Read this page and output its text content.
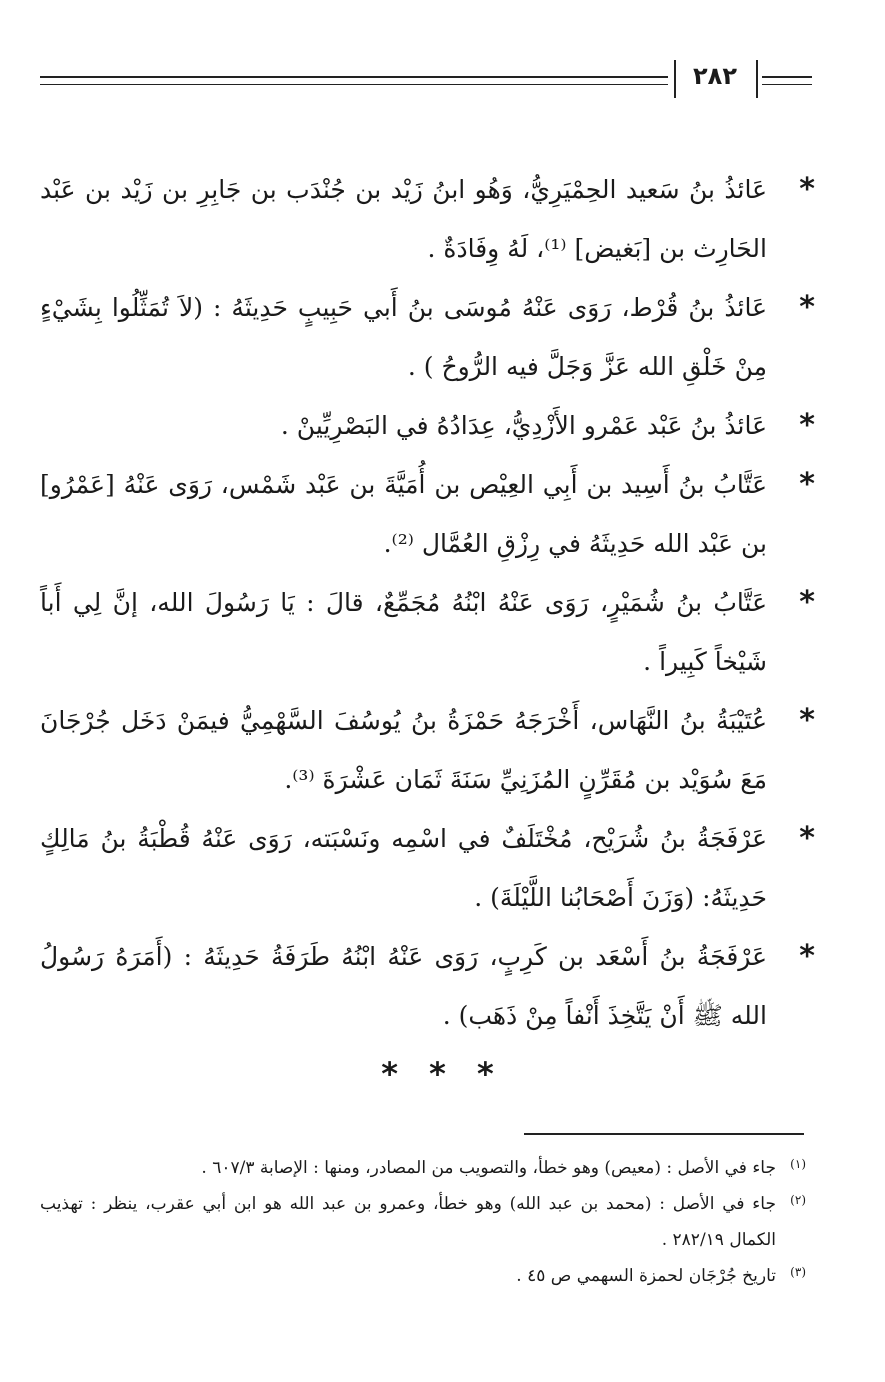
٢٨٢

*
عَائذُ بنُ سَعيد الحِمْيَرِيُّ، وَهُو ابنُ زَيْد بن جُنْدَب بن جَابِرِ بن زَيْد بن عَبْد الحَارِث بن [بَغيض] ⁽¹⁾، لَهُ وِفَادَةٌ .

*
عَائذُ بنُ قُرْط، رَوَى عَنْهُ مُوسَى بنُ أَبي حَبِيبٍ حَدِيثَهُ : (لاَ تُمَثِّلُوا بِشَيْءٍ مِنْ خَلْقِ الله عَزَّ وَجَلَّ فيه الرُّوحُ ) .

*
عَائذُ بنُ عَبْد عَمْرو الأَزْدِيُّ، عِدَادُهُ في البَصْرِيِّينْ .

*
عَتَّابُ بنُ أَسِيد بن أَبِي العِيْص بن أُمَيَّةَ بن عَبْد شَمْس، رَوَى عَنْهُ [عَمْرُو] بن عَبْد الله حَدِيثَهُ في رِزْقِ العُمَّال ⁽²⁾.

*
عَتَّابُ بنُ شُمَيْرٍ، رَوَى عَنْهُ ابْنُهُ مُجَمِّعٌ، قالَ : يَا رَسُولَ الله، إنَّ لِي أَباً شَيْخاً كَبِيراً .

*
عُتَيْبَةُ بنُ النَّهَاس، أَخْرَجَهُ حَمْزَةُ بنُ يُوسُفَ السَّهْمِيُّ فيمَنْ دَخَل جُرْجَانَ مَعَ سُوَيْد بن مُقَرِّنٍ المُزَنِيِّ سَنَةَ ثَمَان عَشْرَةَ ⁽³⁾.

*
عَرْفَجَةُ بنُ شُرَيْح، مُخْتَلَفٌ في اسْمِه ونَسْبَته، رَوَى عَنْهُ قُطْبَةُ بنُ مَالِكٍ حَدِيثَهُ: (وَزَنَ أَصْحَابُنا اللَّيْلَةَ) .

*
عَرْفَجَةُ بنُ أَسْعَد بن كَرِبٍ، رَوَى عَنْهُ ابْنُهُ طَرَفَةُ حَدِيثَهُ : (أَمَرَهُ رَسُولُ الله ﷺ أَنْ يَتَّخِذَ أَنْفاً مِنْ ذَهَب) .

* * *
(١)
جاء في الأصل : (معيص) وهو خطأ، والتصويب من المصادر، ومنها : الإصابة ٦٠٧/٣ .
(٢)
جاء في الأصل : (محمد بن عبد الله) وهو خطأ، وعمرو بن عبد الله هو ابن أبي عقرب، ينظر : تهذيب الكمال ٢٨٢/١٩ .
(٣)
تاريخ جُرْجَان لحمزة السهمي ص ٤٥ .
